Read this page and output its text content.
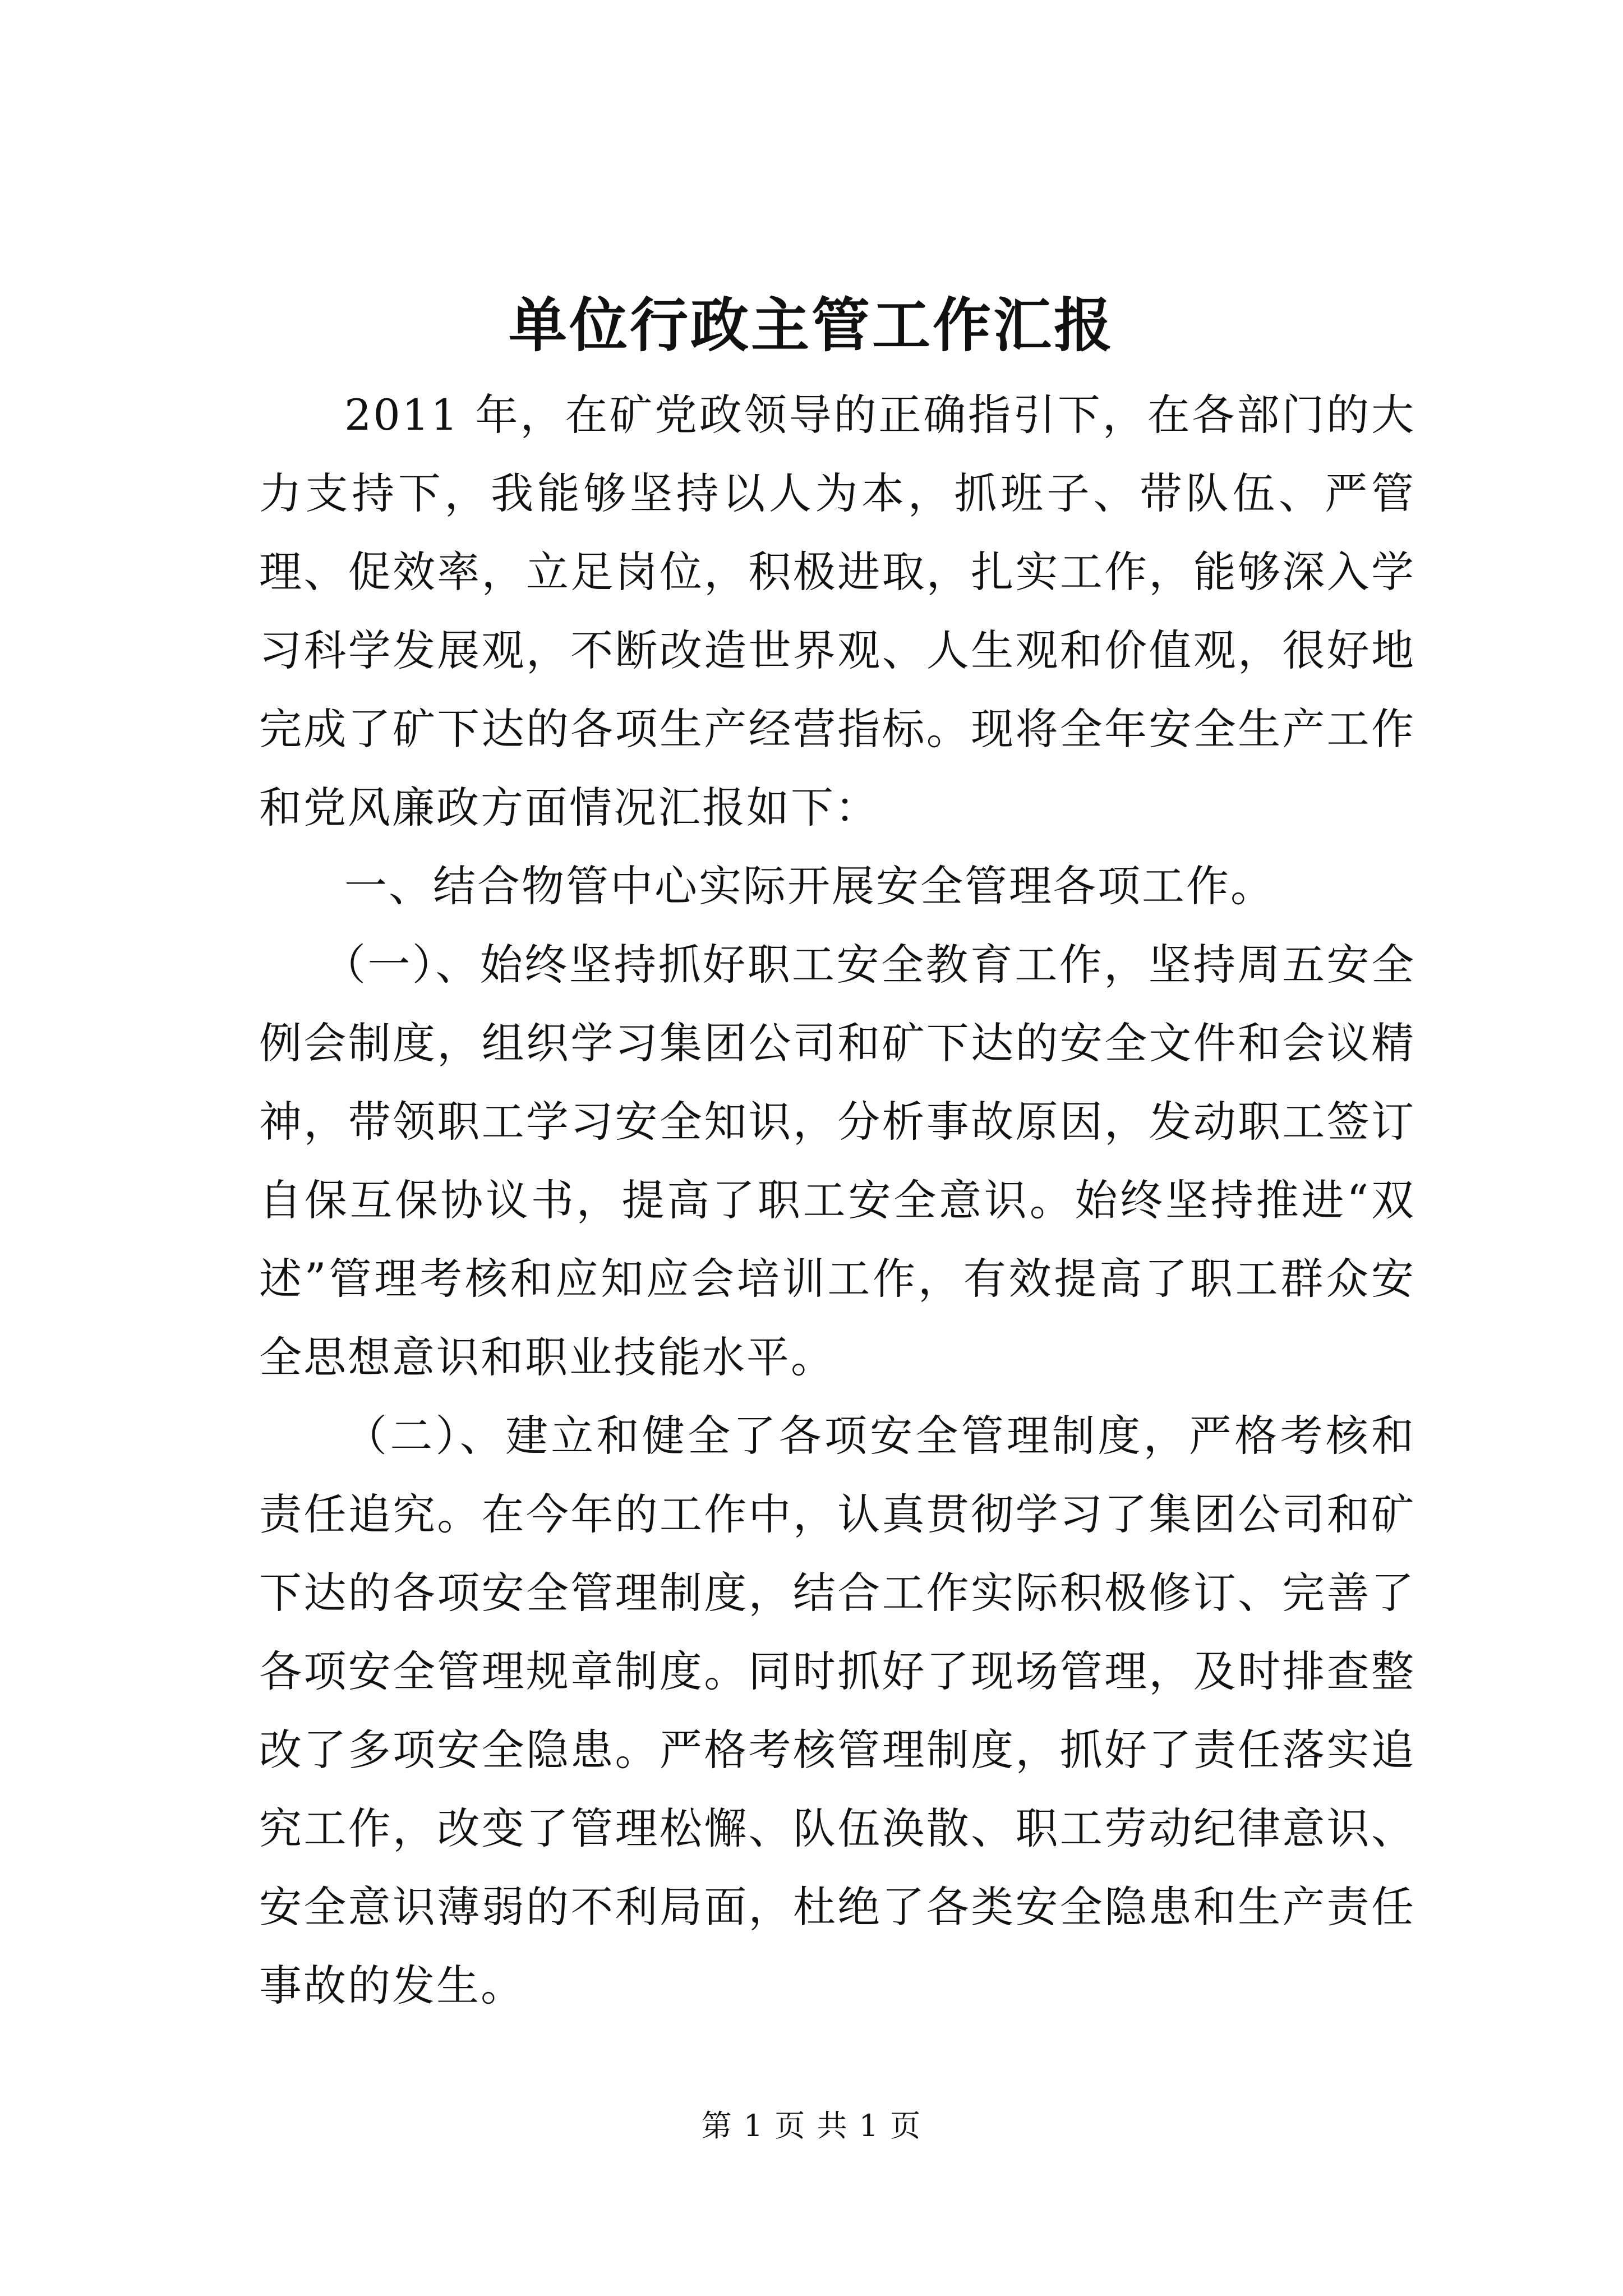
单位行政主管工作汇报

2011 年，在矿党政领导的正确指引下，在各部门的大力支持下，我能够坚持以人为本，抓班子、带队伍、严管理、促效率，立足岗位，积极进取，扎实工作，能够深入学习科学发展观，不断改造世界观、人生观和价值观，很好地完成了矿下达的各项生产经营指标。现将全年安全生产工作和党风廉政方面情况汇报如下：

一、结合物管中心实际开展安全管理各项工作。

（一）、始终坚持抓好职工安全教育工作，坚持周五安全例会制度，组织学习集团公司和矿下达的安全文件和会议精神，带领职工学习安全知识，分析事故原因，发动职工签订自保互保协议书，提高了职工安全意识。始终坚持推进“双述”管理考核和应知应会培训工作，有效提高了职工群众安全思想意识和职业技能水平。

（二）、建立和健全了各项安全管理制度，严格考核和责任追究。在今年的工作中，认真贯彻学习了集团公司和矿下达的各项安全管理制度，结合工作实际积极修订、完善了各项安全管理规章制度。同时抓好了现场管理，及时排查整改了多项安全隐患。严格考核管理制度，抓好了责任落实追究工作，改变了管理松懈、队伍涣散、职工劳动纪律意识、安全意识薄弱的不利局面，杜绝了各类安全隐患和生产责任事故的发生。

第 1 页 共 1 页
